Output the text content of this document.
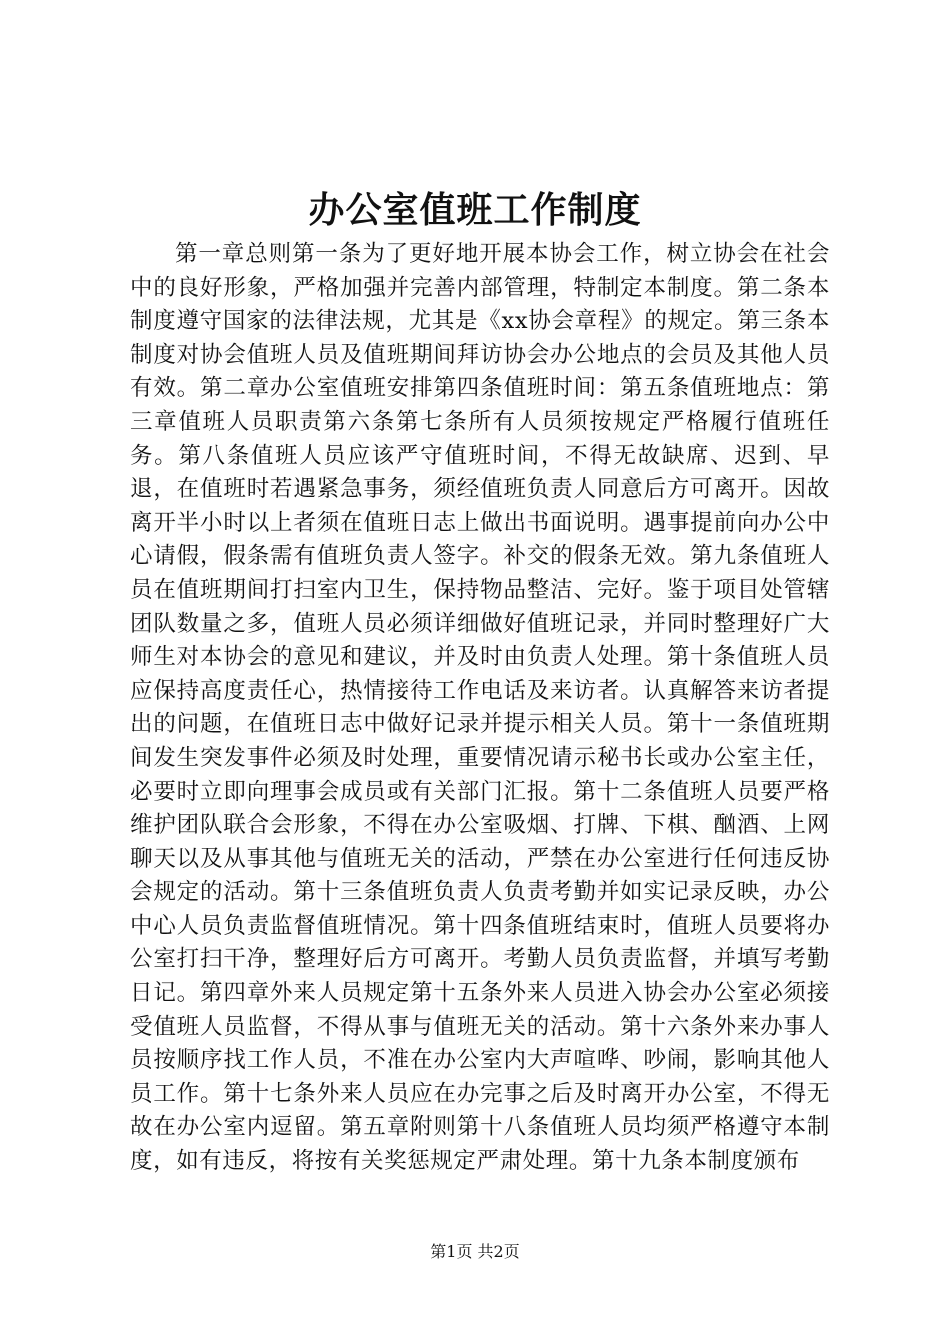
办公室值班工作制度

第一章总则第一条为了更好地开展本协会工作，树立协会在社会中的良好形象，严格加强并完善内部管理，特制定本制度。第二条本制度遵守国家的法律法规，尤其是《xx协会章程》的规定。第三条本制度对协会值班人员及值班期间拜访协会办公地点的会员及其他人员有效。第二章办公室值班安排第四条值班时间：第五条值班地点：第三章值班人员职责第六条第七条所有人员须按规定严格履行值班任务。第八条值班人员应该严守值班时间，不得无故缺席、迟到、早退，在值班时若遇紧急事务，须经值班负责人同意后方可离开。因故离开半小时以上者须在值班日志上做出书面说明。遇事提前向办公中心请假，假条需有值班负责人签字。补交的假条无效。第九条值班人员在值班期间打扫室内卫生，保持物品整洁、完好。鉴于项目处管辖团队数量之多，值班人员必须详细做好值班记录，并同时整理好广大师生对本协会的意见和建议，并及时由负责人处理。第十条值班人员应保持高度责任心，热情接待工作电话及来访者。认真解答来访者提出的问题，在值班日志中做好记录并提示相关人员。第十一条值班期间发生突发事件必须及时处理，重要情况请示秘书长或办公室主任，必要时立即向理事会成员或有关部门汇报。第十二条值班人员要严格维护团队联合会形象，不得在办公室吸烟、打牌、下棋、酗酒、上网聊天以及从事其他与值班无关的活动，严禁在办公室进行任何违反协会规定的活动。第十三条值班负责人负责考勤并如实记录反映，办公中心人员负责监督值班情况。第十四条值班结束时，值班人员要将办公室打扫干净，整理好后方可离开。考勤人员负责监督，并填写考勤日记。第四章外来人员规定第十五条外来人员进入协会办公室必须接受值班人员监督，不得从事与值班无关的活动。第十六条外来办事人员按顺序找工作人员，不准在办公室内大声喧哗、吵闹，影响其他人员工作。第十七条外来人员应在办完事之后及时离开办公室，不得无故在办公室内逗留。第五章附则第十八条值班人员均须严格遵守本制度，如有违反，将按有关奖惩规定严肃处理。第十九条本制度颁布

第1页 共2页
